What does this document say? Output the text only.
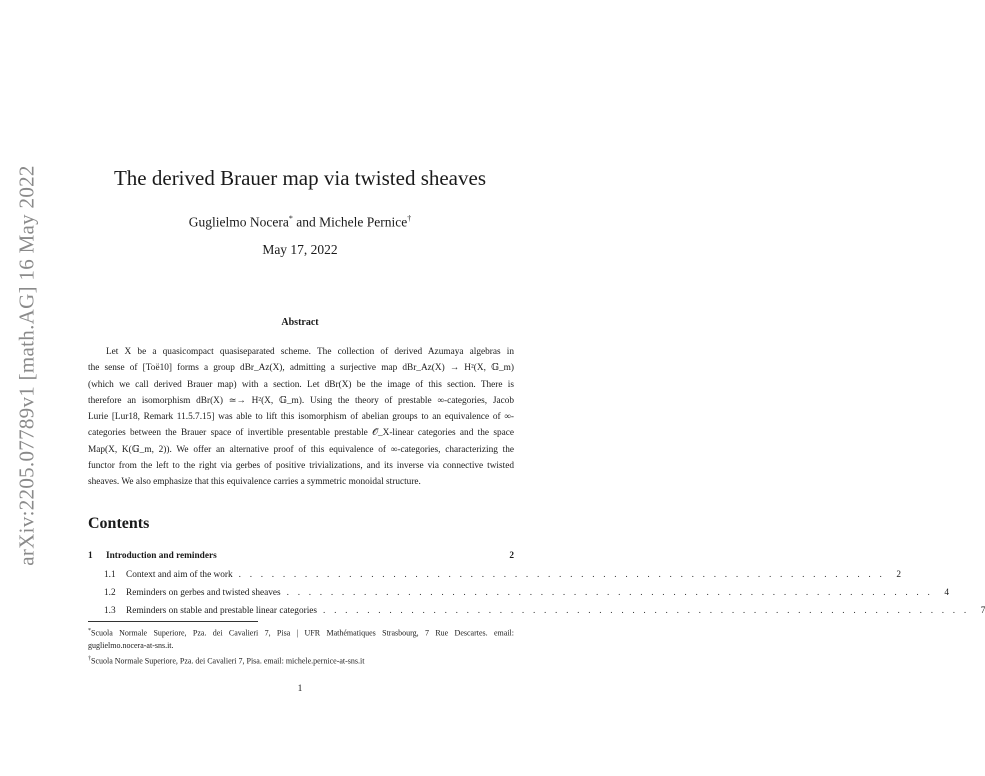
arXiv:2205.07789v1 [math.AG] 16 May 2022	The derived Brauer map via twisted sheaves
Guglielmo Nocera* and Michele Pernice†
May 17, 2022
Abstract
Let X be a quasicompact quasiseparated scheme. The collection of derived Azumaya algebras in
the sense of [Toë10] forms a group dBr_Az(X), admitting a surjective map dBr_Az(X) → H²(X, 𝔾_m)
(which we call derived Brauer map) with a section. Let dBr(X) be the image of this section. There is
therefore an isomorphism dBr(X) ≃→ H²(X, 𝔾_m). Using the theory of prestable ∞-categories, Jacob
Lurie [Lur18, Remark 11.5.7.15] was able to lift this isomorphism of abelian groups to an equivalence of ∞-
categories between the Brauer space of invertible presentable prestable 𝒪_X-linear categories and the space
Map(X, K(𝔾_m, 2)). We offer an alternative proof of this equivalence of ∞-categories, characterizing the
functor from the left to the right via gerbes of positive trivializations, and its inverse via connective twisted
sheaves. We also emphasize that this equivalence carries a symmetric monoidal structure.
Contents
1	Introduction and reminders	2
1.1	Context and aim of the work . . . . . . . . . . . . . . . . . . . . . . . . . . . . . . . . . . . . . . . . . . . . . . . . . . . . . . . . . . .	2
1.2	Reminders on gerbes and twisted sheaves . . . . . . . . . . . . . . . . . . . . . . . . . . . . . . . . . . . . . . . . . . . . . . . . . . . . . . . . . . .	4
1.3	Reminders on stable and prestable linear categories . . . . . . . . . . . . . . . . . . . . . . . . . . . . . . . . . . . . . . . . . . . . . . . . . . . . . . . . . . .	7
*Scuola Normale Superiore, Pza. dei Cavalieri 7, Pisa | UFR Mathématiques Strasbourg, 7 Rue Descartes. email:
guglielmo.nocera-at-sns.it.
†Scuola Normale Superiore, Pza. dei Cavalieri 7, Pisa. email: michele.pernice-at-sns.it
1
